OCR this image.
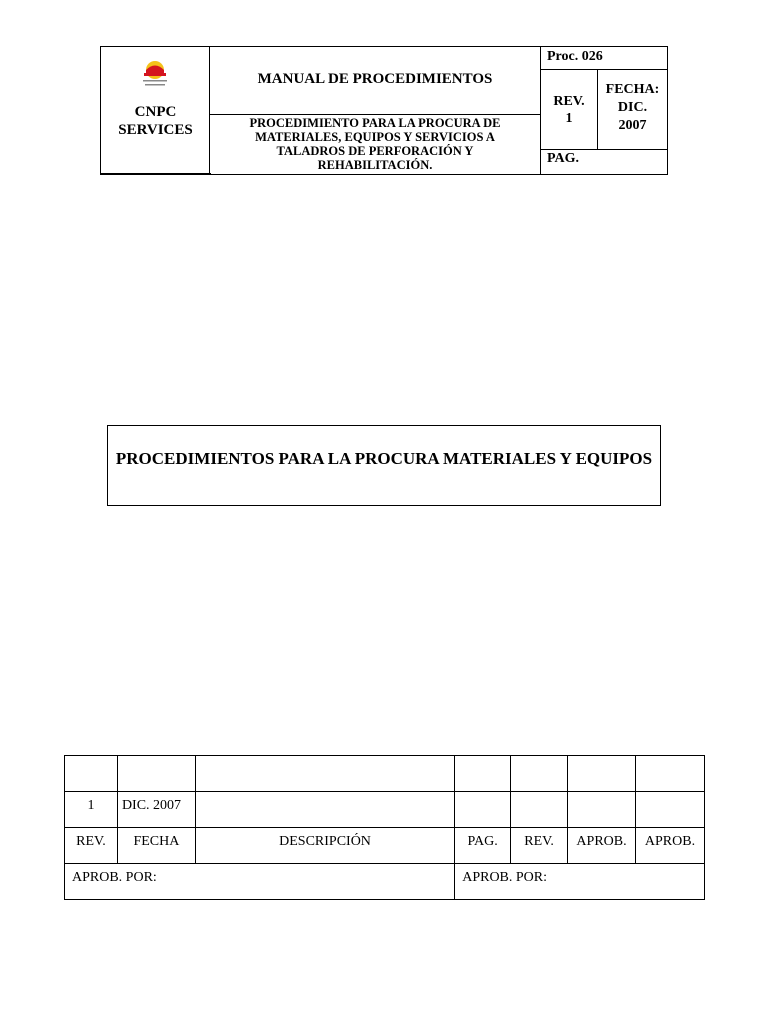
CNPC SERVICES
MANUAL DE PROCEDIMIENTOS
PROCEDIMIENTO PARA LA PROCURA DE MATERIALES, EQUIPOS Y SERVICIOS A TALADROS DE PERFORACIÓN Y REHABILITACIÓN.
Proc. 026
REV.
1
FECHA:
DIC.
2007
PAG.
PROCEDIMIENTOS PARA LA PROCURA MATERIALES Y EQUIPOS

1	DIC. 2007					
REV.	FECHA	DESCRIPCIÓN	PAG.	REV.	APROB.	APROB.
APROB. POR:			APROB. POR:			
